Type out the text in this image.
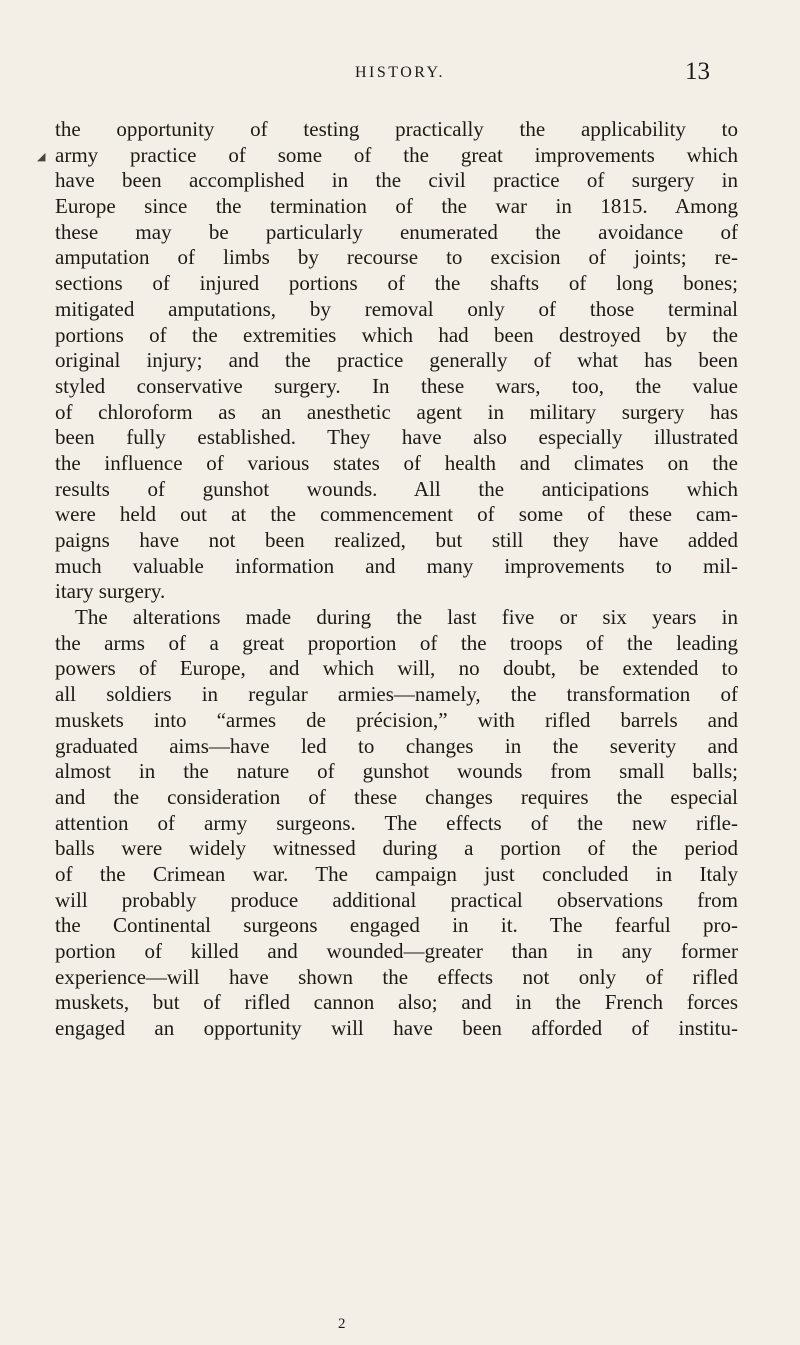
HISTORY.	13
◢
the opportunity of testing practically the applicability to
army practice of some of the great improvements which
have been accomplished in the civil practice of surgery in
Europe since the termination of the war in 1815. Among
these may be particularly enumerated the avoidance of
amputation of limbs by recourse to excision of joints; re-
sections of injured portions of the shafts of long bones;
mitigated amputations, by removal only of those terminal
portions of the extremities which had been destroyed by the
original injury; and the practice generally of what has been
styled conservative surgery. In these wars, too, the value
of chloroform as an anesthetic agent in military surgery has
been fully established. They have also especially illustrated
the influence of various states of health and climates on the
results of gunshot wounds. All the anticipations which
were held out at the commencement of some of these cam-
paigns have not been realized, but still they have added
much valuable information and many improvements to mil-
itary surgery.
The alterations made during the last five or six years in
the arms of a great proportion of the troops of the leading
powers of Europe, and which will, no doubt, be extended to
all soldiers in regular armies—namely, the transformation of
muskets into “armes de précision,” with rifled barrels and
graduated aims—have led to changes in the severity and
almost in the nature of gunshot wounds from small balls;
and the consideration of these changes requires the especial
attention of army surgeons. The effects of the new rifle-
balls were widely witnessed during a portion of the period
of the Crimean war. The campaign just concluded in Italy
will probably produce additional practical observations from
the Continental surgeons engaged in it. The fearful pro-
portion of killed and wounded—greater than in any former
experience—will have shown the effects not only of rifled
muskets, but of rifled cannon also; and in the French forces
engaged an opportunity will have been afforded of institu-
2
